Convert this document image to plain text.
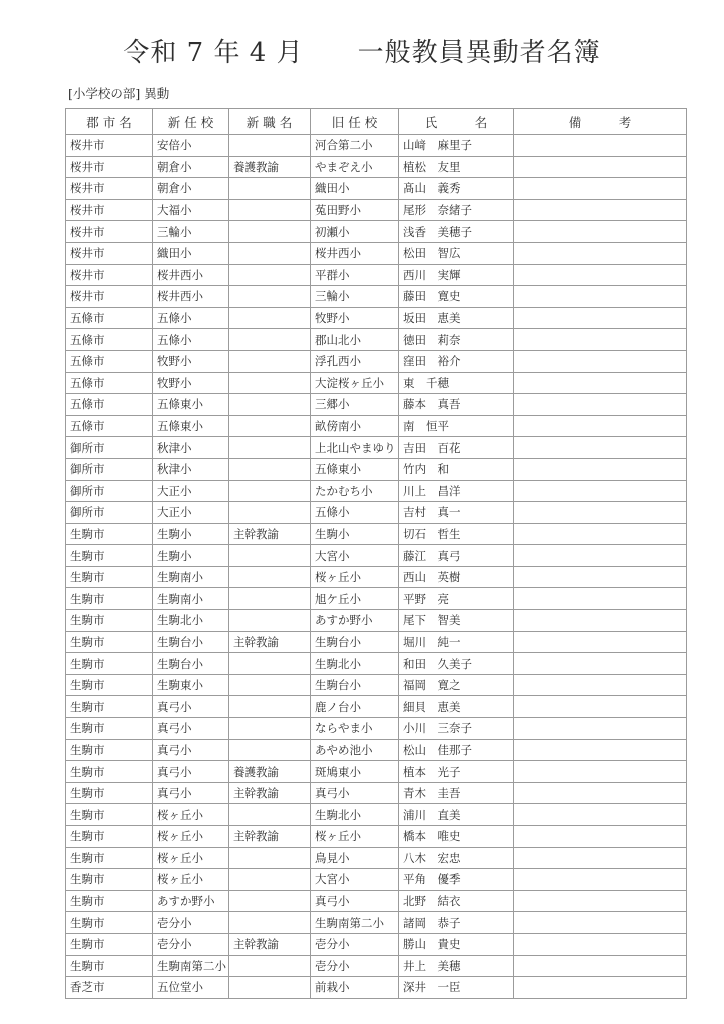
令和 7 年 4 月　　一般教員異動者名簿
[小学校の部] 異動
郡 市 名	新 任 校	新 職 名	旧 任 校	氏　　　名	備　　　考
桜井市	安倍小		河合第二小	山﨑　麻里子	
桜井市	朝倉小	養護教諭	やまぞえ小	植松　友里	
桜井市	朝倉小		織田小	髙山　義秀	
桜井市	大福小		菟田野小	尾形　奈緒子	
桜井市	三輪小		初瀬小	浅香　美穂子	
桜井市	織田小		桜井西小	松田　智広	
桜井市	桜井西小		平群小	西川　実輝	
桜井市	桜井西小		三輪小	藤田　寛史	
五條市	五條小		牧野小	坂田　恵美	
五條市	五條小		郡山北小	徳田　莉奈	
五條市	牧野小		浮孔西小	窪田　裕介	
五條市	牧野小		大淀桜ヶ丘小	東　千穂	
五條市	五條東小		三郷小	藤本　真吾	
五條市	五條東小		畝傍南小	南　恒平	
御所市	秋津小		上北山やまゆり	吉田　百花	
御所市	秋津小		五條東小	竹内　和	
御所市	大正小		たかむち小	川上　昌洋	
御所市	大正小		五條小	吉村　真一	
生駒市	生駒小	主幹教諭	生駒小	切石　哲生	
生駒市	生駒小		大宮小	藤江　真弓	
生駒市	生駒南小		桜ヶ丘小	西山　英樹	
生駒市	生駒南小		旭ケ丘小	平野　亮	
生駒市	生駒北小		あすか野小	尾下　智美	
生駒市	生駒台小	主幹教諭	生駒台小	堀川　純一	
生駒市	生駒台小		生駒北小	和田　久美子	
生駒市	生駒東小		生駒台小	福岡　寛之	
生駒市	真弓小		鹿ノ台小	細貝　恵美	
生駒市	真弓小		ならやま小	小川　三奈子	
生駒市	真弓小		あやめ池小	松山　佳那子	
生駒市	真弓小	養護教諭	斑鳩東小	植本　光子	
生駒市	真弓小	主幹教諭	真弓小	青木　圭吾	
生駒市	桜ヶ丘小		生駒北小	浦川　直美	
生駒市	桜ヶ丘小	主幹教諭	桜ヶ丘小	橋本　唯史	
生駒市	桜ヶ丘小		鳥見小	八木　宏忠	
生駒市	桜ヶ丘小		大宮小	平角　優季	
生駒市	あすか野小		真弓小	北野　結衣	
生駒市	壱分小		生駒南第二小	諸岡　恭子	
生駒市	壱分小	主幹教諭	壱分小	勝山　貴史	
生駒市	生駒南第二小		壱分小	井上　美穂	
香芝市	五位堂小		前栽小	深井　一臣	
